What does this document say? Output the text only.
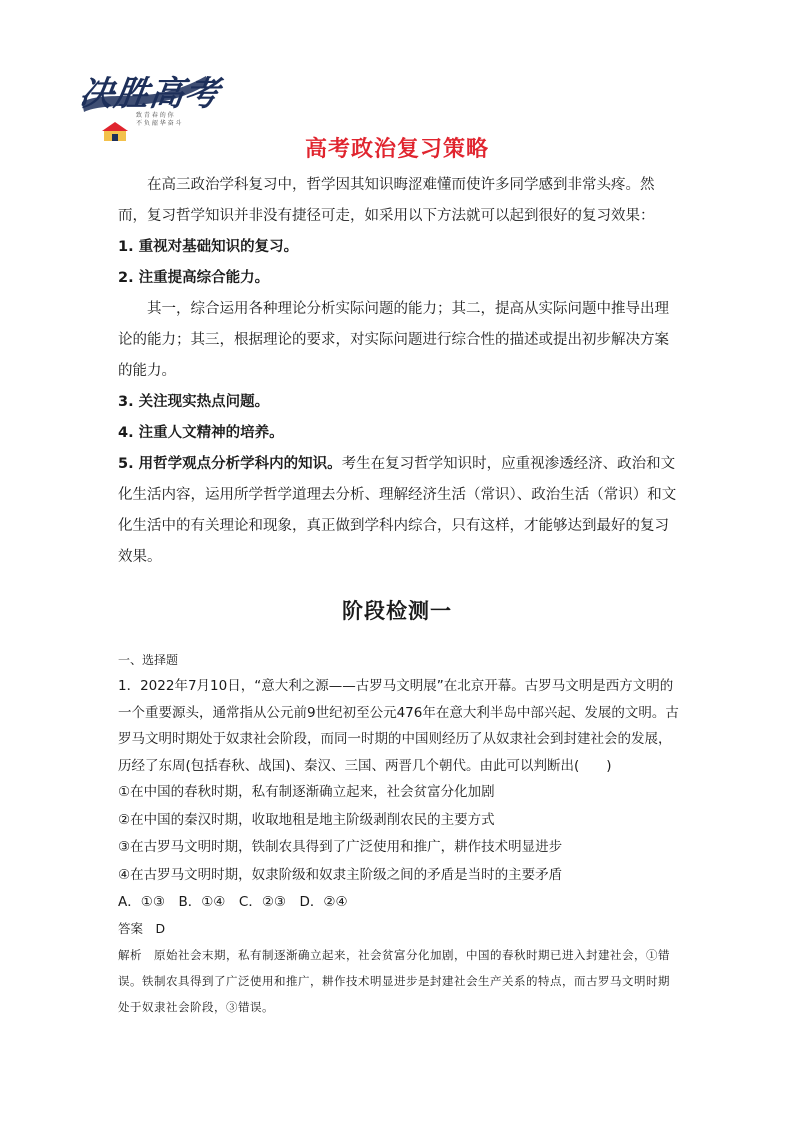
决胜高考
致 青 春 的 你
不 负 韶 华 奋 斗
高考政治复习策略

在高三政治学科复习中，哲学因其知识晦涩难懂而使许多同学感到非常头疼。然而，复习哲学知识并非没有捷径可走，如采用以下方法就可以起到很好的复习效果：

1. 重视对基础知识的复习。

2. 注重提高综合能力。

其一，综合运用各种理论分析实际问题的能力；其二，提高从实际问题中推导出理论的能力；其三，根据理论的要求，对实际问题进行综合性的描述或提出初步解决方案的能力。

3. 关注现实热点问题。

4. 注重人文精神的培养。

5. 用哲学观点分析学科内的知识。考生在复习哲学知识时，应重视渗透经济、政治和文化生活内容，运用所学哲学道理去分析、理解经济生活（常识）、政治生活（常识）和文化生活中的有关理论和现象，真正做到学科内综合，只有这样，才能够达到最好的复习效果。

阶段检测一

一、选择题

1．2022年7月10日，“意大利之源——古罗马文明展”在北京开幕。古罗马文明是西方文明的一个重要源头，通常指从公元前9世纪初至公元476年在意大利半岛中部兴起、发展的文明。古罗马文明时期处于奴隶社会阶段，而同一时期的中国则经历了从奴隶社会到封建社会的发展，历经了东周(包括春秋、战国)、秦汉、三国、两晋几个朝代。由此可以判断出(　　)

①在中国的春秋时期，私有制逐渐确立起来，社会贫富分化加剧

②在中国的秦汉时期，收取地租是地主阶级剥削农民的主要方式

③在古罗马文明时期，铁制农具得到了广泛使用和推广，耕作技术明显进步

④在古罗马文明时期，奴隶阶级和奴隶主阶级之间的矛盾是当时的主要矛盾

A．①③　B．①④　C．②③　D．②④

答案　D

解析　原始社会末期，私有制逐渐确立起来，社会贫富分化加剧，中国的春秋时期已进入封建社会，①错误。铁制农具得到了广泛使用和推广，耕作技术明显进步是封建社会生产关系的特点，而古罗马文明时期处于奴隶社会阶段，③错误。
